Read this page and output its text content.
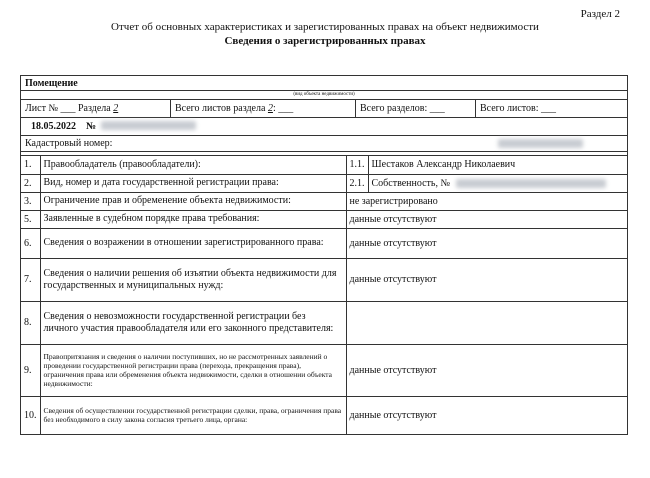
Раздел 2
Отчет об основных характеристиках и зарегистированных правах на объект недвижимости
Сведения о зарегистрированных правах
Помещение
(вид объекта недвижимости)
Лист № ___ Раздела 2	Всего листов раздела 2: ___	Всего разделов: ___	Всего листов: ___
18.05.2022
№

Кадастровый номер:
1.	Правообладатель (правообладатели):	1.1.	Шестаков Александр Николаевич
2.	Вид, номер и дата государственной регистрации права:	2.1.	Собственность, №
3.	Ограничение прав и обременение объекта недвижимости:	не зарегистрировано	
5.	Заявленные в судебном порядке права требования:	данные отсутствуют	
6.	Сведения о возражении в отношении зарегистрированного права:	данные отсутствуют	
7.	Сведения о наличии решения об изъятии объекта недвижимости для государственных и муниципальных нужд:	данные отсутствуют	
8.	Сведения о невозможности государственной регистрации без личного участия правообладателя или его законного представителя:		
9.	Правопритязания и сведения о наличии поступивших, но не рассмотренных заявлений о проведении государственной регистрации права (перехода, прекращения права), ограничения права или обременения объекта недвижимости, сделки в отношении объекта недвижимости:	данные отсутствуют	
10.	Сведения об осуществлении государственной регистрации сделки, права, ограничения права без необходимого в силу закона согласия третьего лица, органа:	данные отсутствуют	
